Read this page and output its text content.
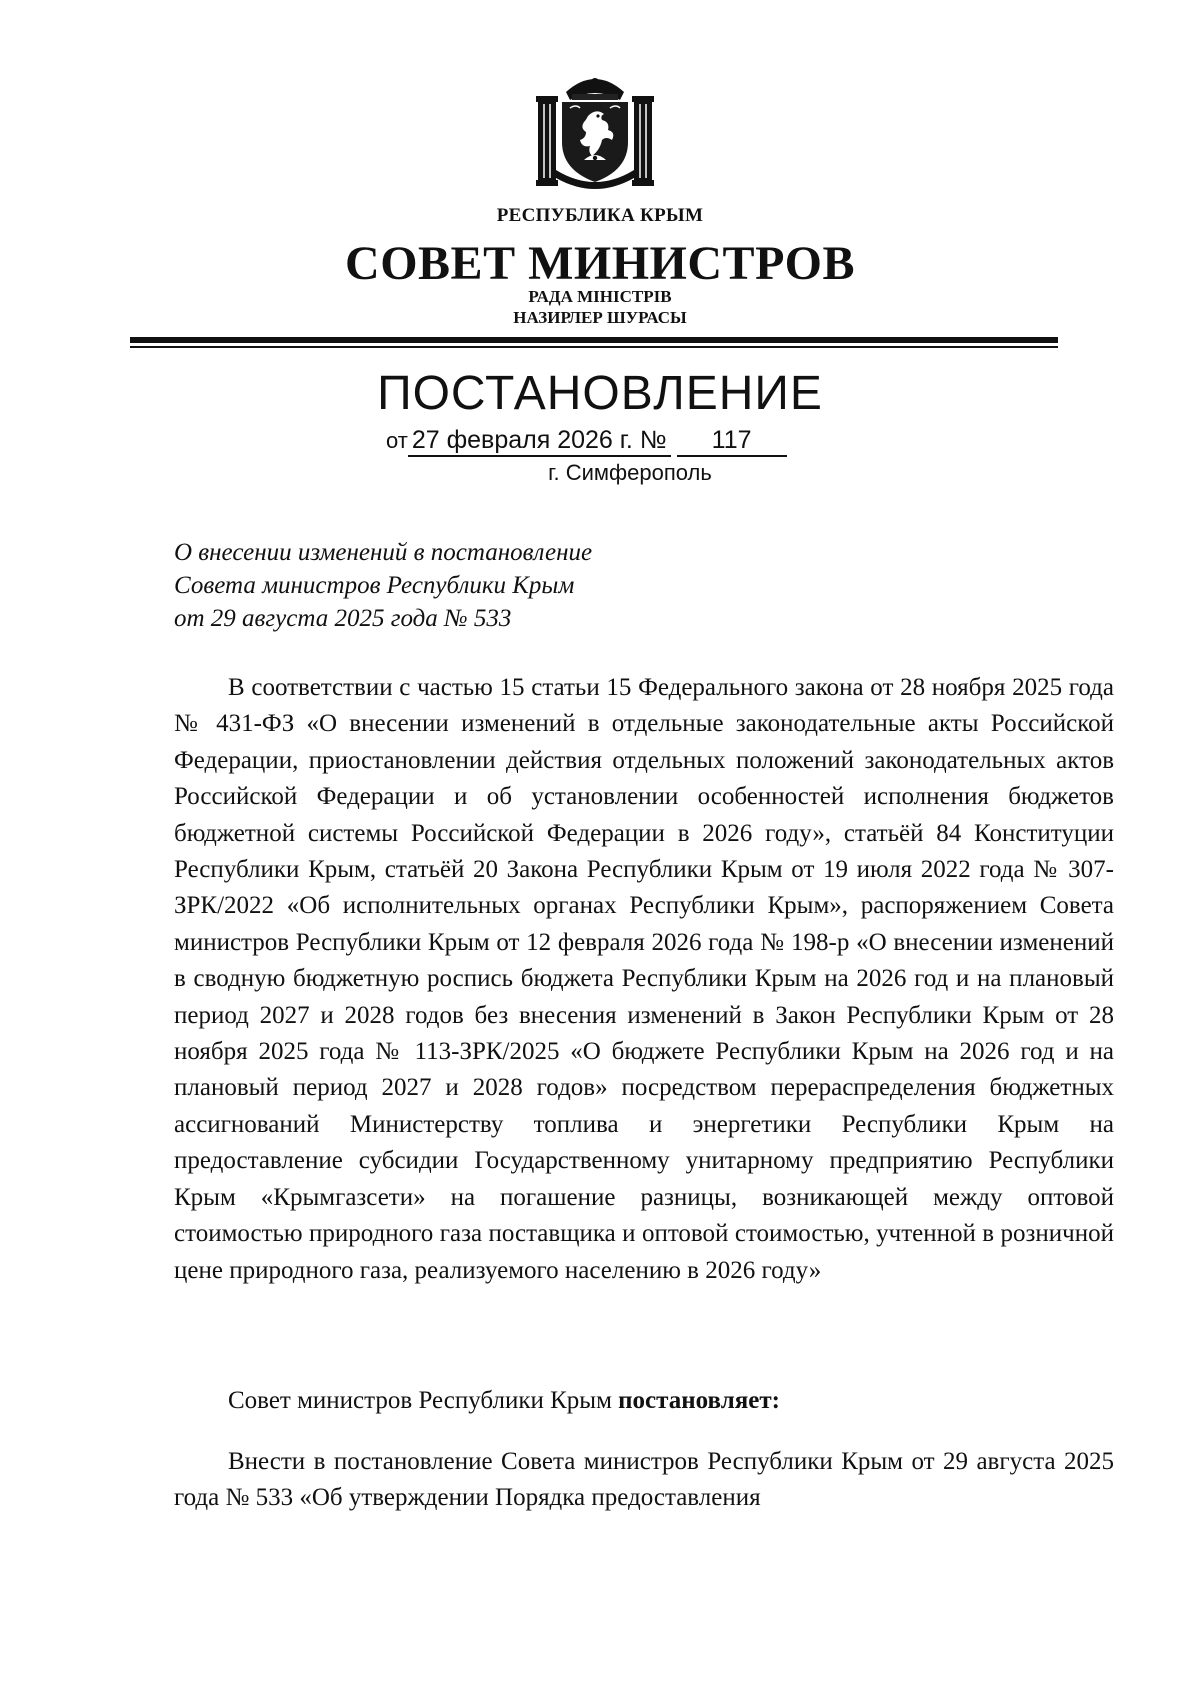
РЕСПУБЛИКА КРЫМ
СОВЕТ МИНИСТРОВ
РАДА МІНІСТРІВ
НАЗИРЛЕР ШУРАСЫ
ПОСТАНОВЛЕНИЕ
от 27 февраля 2026 г. № 117
г. Симферополь
О внесении изменений в постановление
Совета министров Республики Крым
от 29 августа 2025 года № 533
В соответствии с частью 15 статьи 15 Федерального закона от 28 ноября 2025 года № 431-ФЗ «О внесении изменений в отдельные законодательные акты Российской Федерации, приостановлении действия отдельных положений законодательных актов Российской Федерации и об установлении особенностей исполнения бюджетов бюджетной системы Российской Федерации в 2026 году», статьёй 84 Конституции Республики Крым, статьёй 20 Закона Республики Крым от 19 июля 2022 года № 307-ЗРК/2022 «Об исполнительных органах Республики Крым», распоряжением Совета министров Республики Крым от 12 февраля 2026 года № 198-р «О внесении изменений в сводную бюджетную роспись бюджета Республики Крым на 2026 год и на плановый период 2027 и 2028 годов без внесения изменений в Закон Республики Крым от 28 ноября 2025 года № 113-ЗРК/2025 «О бюджете Республики Крым на 2026 год и на плановый период 2027 и 2028 годов» посредством перераспределения бюджетных ассигнований Министерству топлива и энергетики Республики Крым на предоставление субсидии Государственному унитарному предприятию Республики Крым «Крымгазсети» на погашение разницы, возникающей между оптовой стоимостью природного газа поставщика и оптовой стоимостью, учтенной в розничной цене природного газа, реализуемого населению в 2026 году»
Совет министров Республики Крым постановляет:
Внести в постановление Совета министров Республики Крым от 29 августа 2025 года № 533 «Об утверждении Порядка предоставления
